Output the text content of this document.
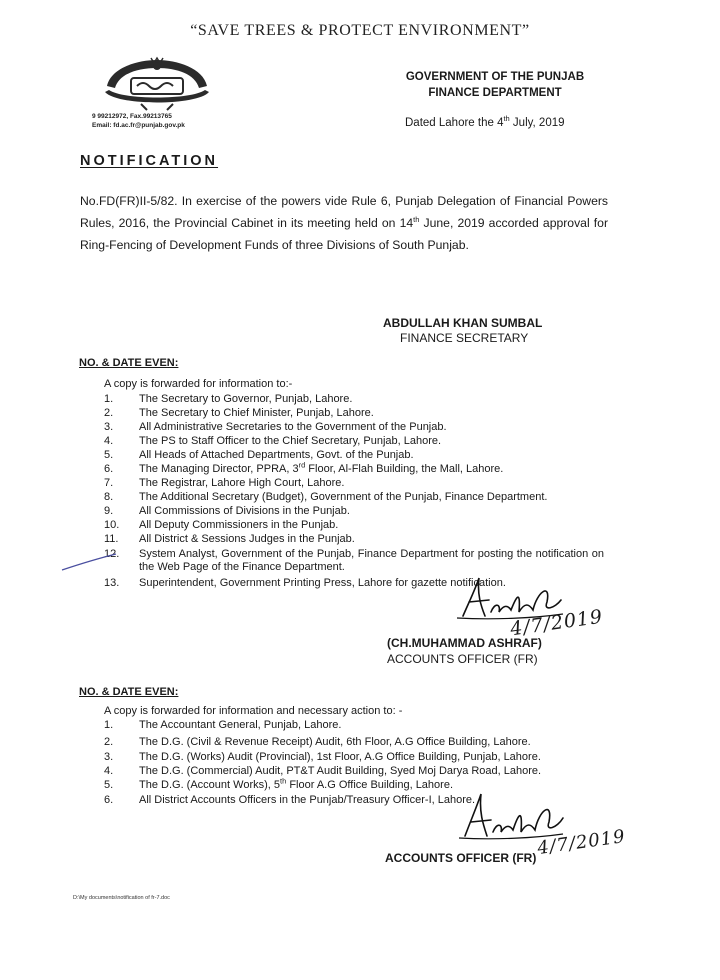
“SAVE TREES & PROTECT ENVIRONMENT”
9 99212972, Fax.99213765
Email: fd.ac.fr@punjab.gov.pk
GOVERNMENT OF THE PUNJAB
FINANCE DEPARTMENT
Dated Lahore the 4th July, 2019
NOTIFICATION
No.FD(FR)II-5/82. In exercise of the powers vide Rule 6, Punjab Delegation of Financial Powers Rules, 2016, the Provincial Cabinet in its meeting held on 14th June, 2019 accorded approval for Ring-Fencing of Development Funds of three Divisions of South Punjab.
ABDULLAH KHAN SUMBAL
FINANCE SECRETARY
NO. & DATE EVEN:
A copy is forwarded for information to:-
1. The Secretary to Governor, Punjab, Lahore.
2. The Secretary to Chief Minister, Punjab, Lahore.
3. All Administrative Secretaries to the Government of the Punjab.
4. The PS to Staff Officer to the Chief Secretary, Punjab, Lahore.
5. All Heads of Attached Departments, Govt. of the Punjab.
6. The Managing Director, PPRA, 3rd Floor, Al-Flah Building, the Mall, Lahore.
7. The Registrar, Lahore High Court, Lahore.
8. The Additional Secretary (Budget), Government of the Punjab, Finance Department.
9. All Commissions of Divisions in the Punjab.
10. All Deputy Commissioners in the Punjab.
11. All District & Sessions Judges in the Punjab.
12. System Analyst, Government of the Punjab, Finance Department for posting the notification on the Web Page of the Finance Department.
13. Superintendent, Government Printing Press, Lahore for gazette notification.
4/7/2019
(CH.MUHAMMAD ASHRAF)
ACCOUNTS OFFICER (FR)
NO. & DATE EVEN:
A copy is forwarded for information and necessary action to: -
1. The Accountant General, Punjab, Lahore.
2. The D.G. (Civil & Revenue Receipt) Audit, 6th Floor, A.G Office Building, Lahore.
3. The D.G. (Works) Audit (Provincial), 1st Floor, A.G Office Building, Punjab, Lahore.
4. The D.G. (Commercial) Audit, PT&T Audit Building, Syed Moj Darya Road, Lahore.
5. The D.G. (Account Works), 5th Floor A.G Office Building, Lahore.
6. All District Accounts Officers in the Punjab/Treasury Officer-I, Lahore.
4/7/2019
ACCOUNTS OFFICER (FR)
D:\My documents\notification of fr-7.doc
